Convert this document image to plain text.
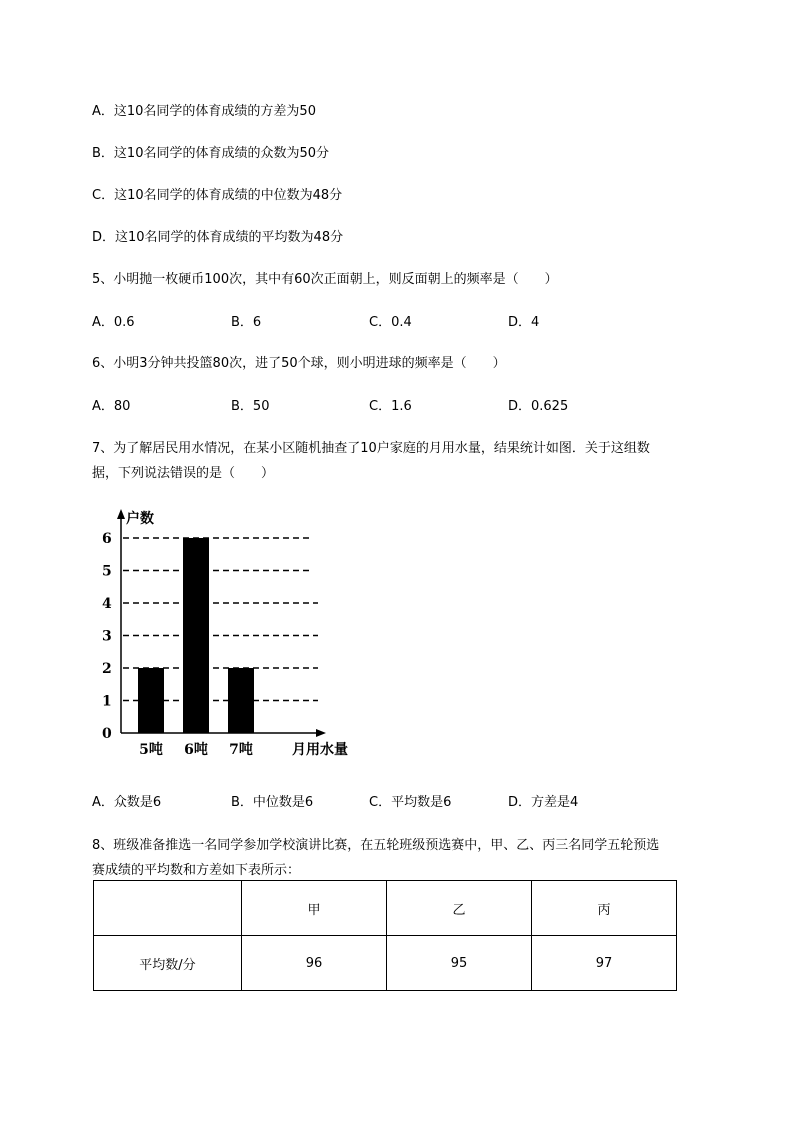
A．这10名同学的体育成绩的方差为50
B．这10名同学的体育成绩的众数为50分
C．这10名同学的体育成绩的中位数为48分
D．这10名同学的体育成绩的平均数为48分
5、小明抛一枚硬币100次，其中有60次正面朝上，则反面朝上的频率是（　　）
A．0.6	B．6	C．0.4	D．4
6、小明3分钟共投篮80次，进了50个球，则小明进球的频率是（　　）
A．80	B．50	C．1.6	D．0.625
7、为了解居民用水情况，在某小区随机抽查了10户家庭的月用水量，结果统计如图．关于这组数
据，下列说法错误的是（　　）
0
1
2
3
4
5
6
5吨 6吨 7吨
户数
月用水量
A．众数是6	B．中位数是6	C．平均数是6	D．方差是4
8、班级准备推选一名同学参加学校演讲比赛，在五轮班级预选赛中，甲、乙、丙三名同学五轮预选
赛成绩的平均数和方差如下表所示：
	甲	乙	丙
平均数/分	96	95	97
